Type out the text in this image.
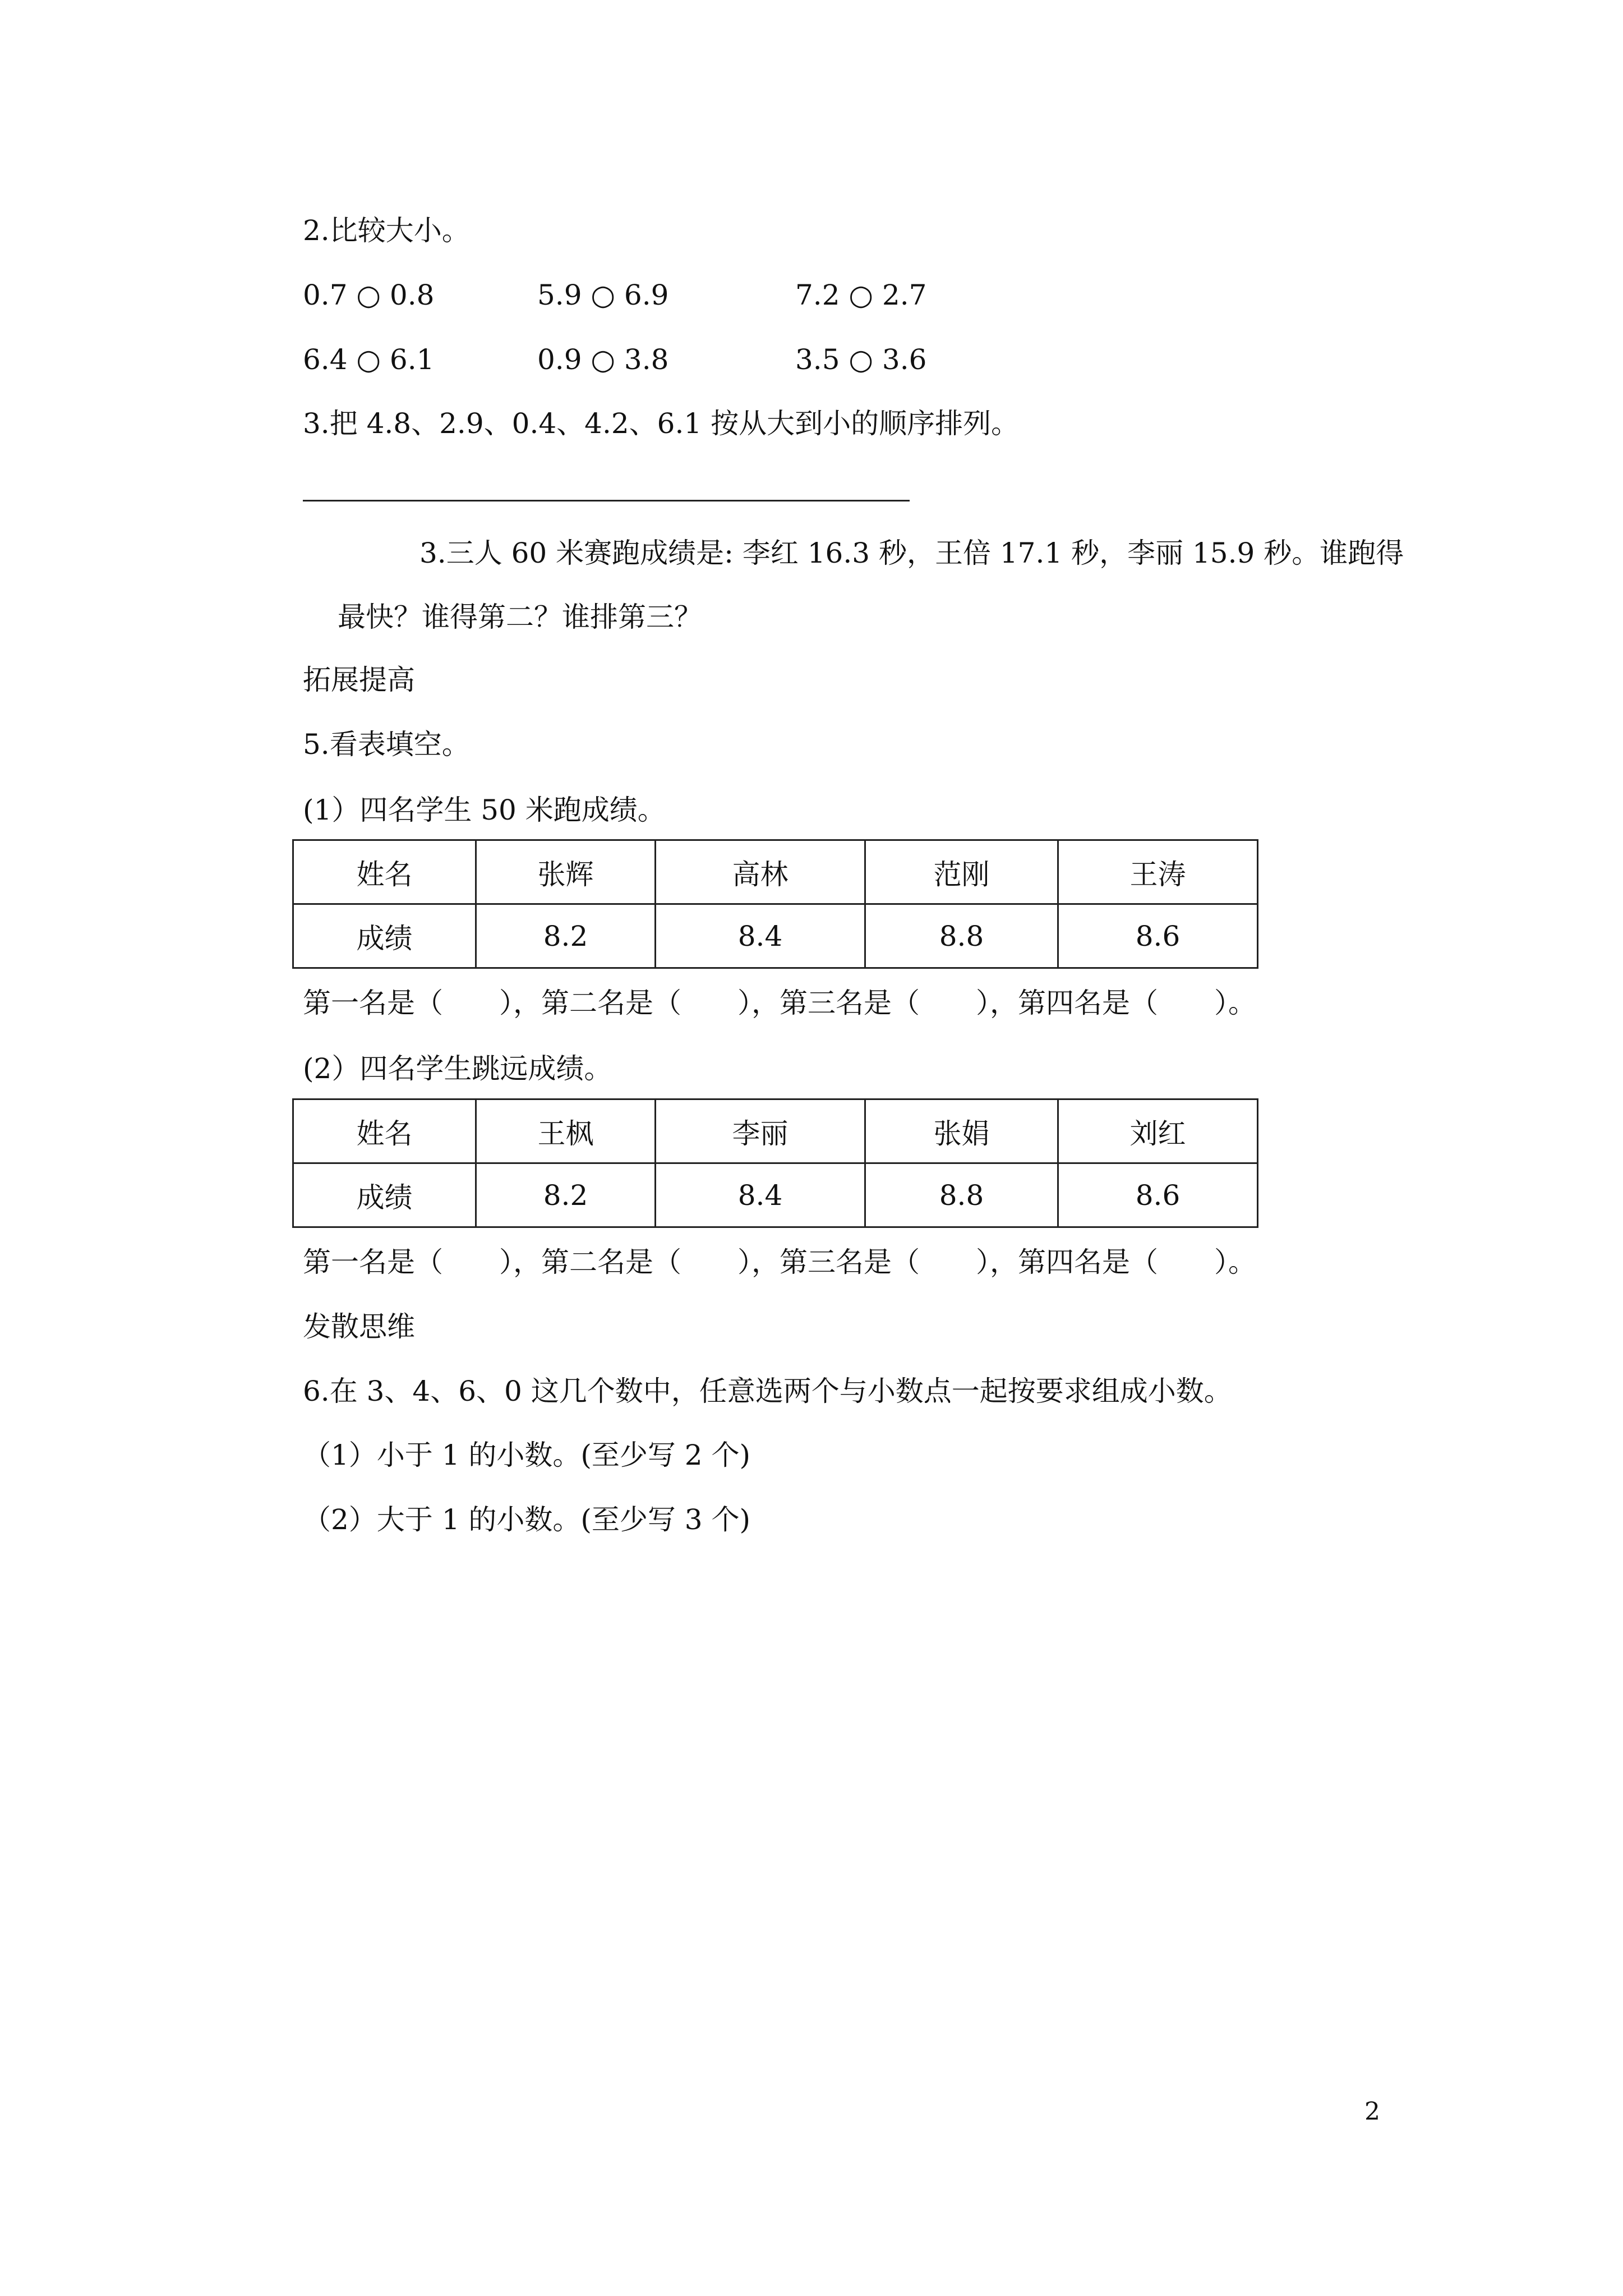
2.比较大小。
0.7 ○ 0.8	5.9 ○ 6.9	7.2 ○ 2.7
6.4 ○ 6.1	0.9 ○ 3.8	3.5 ○ 3.6
3.把 4.8、2.9、0.4、4.2、6.1 按从大到小的顺序排列。
3.三人 60 米赛跑成绩是: 李红 16.3 秒，王倍 17.1 秒，李丽 15.9 秒。谁跑得
最快？谁得第二？谁排第三？
拓展提高
5.看表填空。
(1）四名学生 50 米跑成绩。
姓名	张辉	高林	范刚	王涛
成绩	8.2	8.4	8.8	8.6
第一名是（　　），第二名是（　　），第三名是（　　），第四名是（　　）。
(2）四名学生跳远成绩。
姓名	王枫	李丽	张娟	刘红
成绩	8.2	8.4	8.8	8.6
第一名是（　　），第二名是（　　），第三名是（　　），第四名是（　　）。
发散思维
6.在 3、4、6、0 这几个数中，任意选两个与小数点一起按要求组成小数。
（1）小于 1 的小数。(至少写 2 个)
（2）大于 1 的小数。(至少写 3 个)
2
